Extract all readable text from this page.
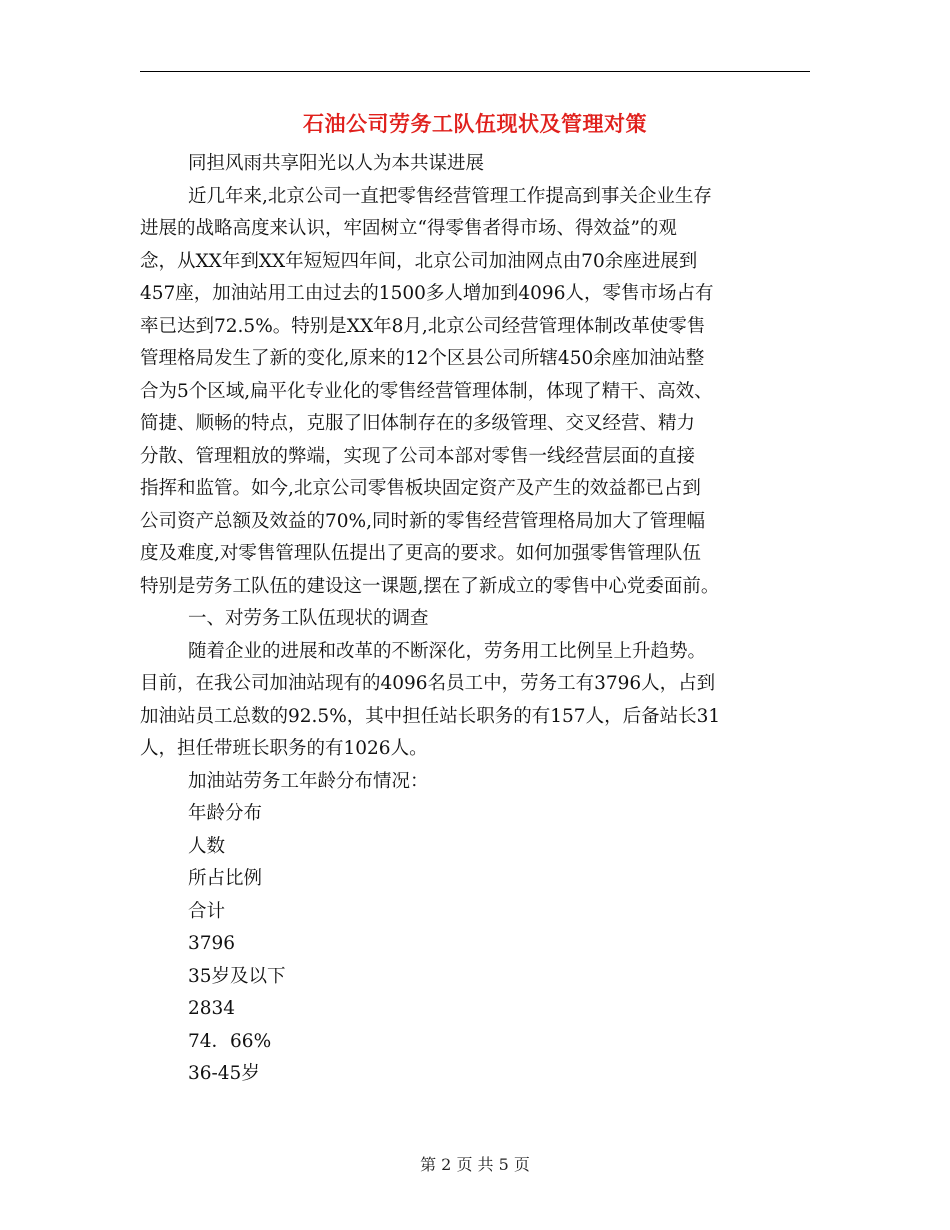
石油公司劳务工队伍现状及管理对策
同担风雨共享阳光以人为本共谋进展
近几年来,北京公司一直把零售经营管理工作提高到事关企业生存
进展的战略高度来认识，牢固树立“得零售者得市场、得效益”的观
念，从XX年到XX年短短四年间，北京公司加油网点由70余座进展到
457座，加油站用工由过去的1500多人增加到4096人，零售市场占有
率已达到72.5%。特别是XX年8月,北京公司经营管理体制改革使零售
管理格局发生了新的变化,原来的12个区县公司所辖450余座加油站整
合为5个区域,扁平化专业化的零售经营管理体制，体现了精干、高效、
简捷、顺畅的特点，克服了旧体制存在的多级管理、交叉经营、精力
分散、管理粗放的弊端，实现了公司本部对零售一线经营层面的直接
指挥和监管。如今,北京公司零售板块固定资产及产生的效益都已占到
公司资产总额及效益的70%,同时新的零售经营管理格局加大了管理幅
度及难度,对零售管理队伍提出了更高的要求。如何加强零售管理队伍
特别是劳务工队伍的建设这一课题,摆在了新成立的零售中心党委面前。
一、对劳务工队伍现状的调查
随着企业的进展和改革的不断深化，劳务用工比例呈上升趋势。
目前，在我公司加油站现有的4096名员工中，劳务工有3796人，占到
加油站员工总数的92.5%，其中担任站长职务的有157人，后备站长31
人，担任带班长职务的有1026人。
加油站劳务工年龄分布情况：
年龄分布
人数
所占比例
合计
3796
35岁及以下
2834
74．66%
36-45岁
第 2 页 共 5 页
